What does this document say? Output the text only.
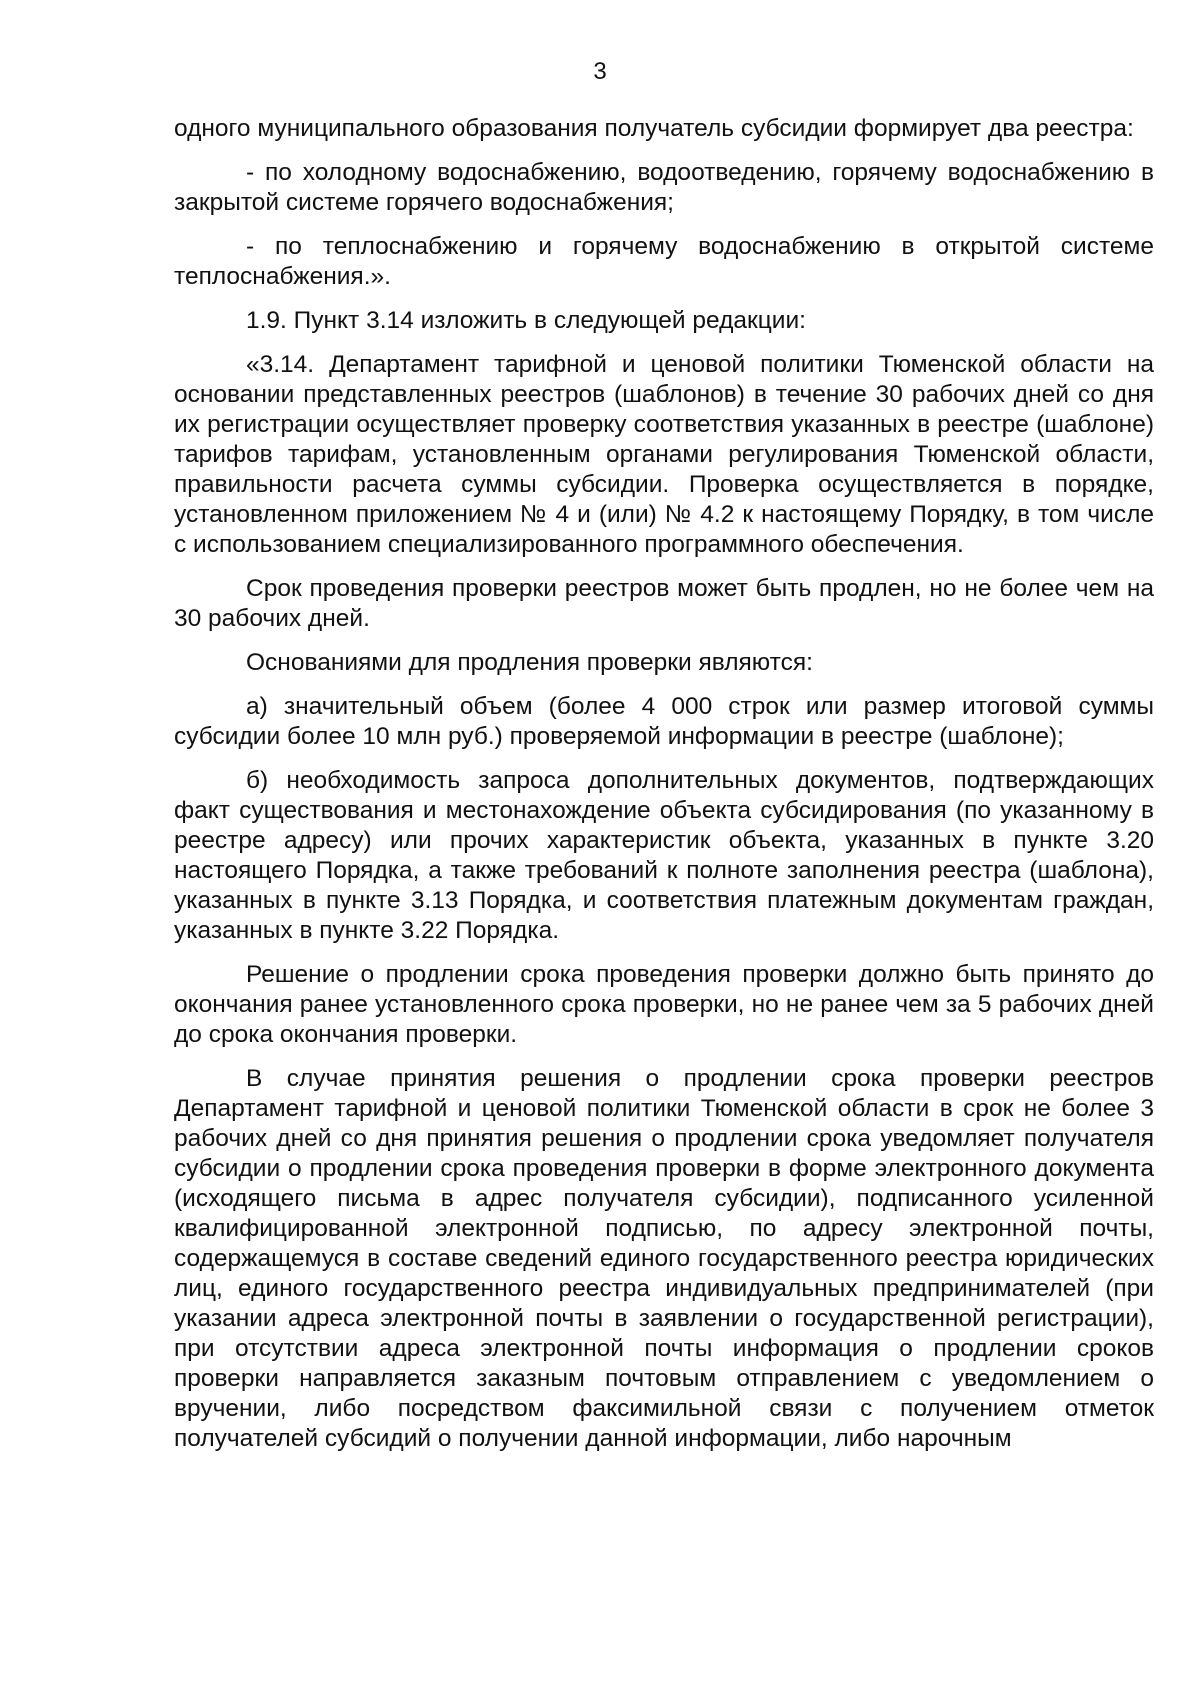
3

одного муниципального образования получатель субсидии формирует два реестра:

- по холодному водоснабжению, водоотведению, горячему водоснабжению в закрытой системе горячего водоснабжения;

- по теплоснабжению и горячему водоснабжению в открытой системе теплоснабжения.».

1.9. Пункт 3.14 изложить в следующей редакции:

«3.14. Департамент тарифной и ценовой политики Тюменской области на основании представленных реестров (шаблонов) в течение 30 рабочих дней со дня их регистрации осуществляет проверку соответствия указанных в реестре (шаблоне) тарифов тарифам, установленным органами регулирования Тюменской области, правильности расчета суммы субсидии. Проверка осуществляется в порядке, установленном приложением № 4 и (или) № 4.2 к настоящему Порядку, в том числе с использованием специализированного программного обеспечения.

Срок проведения проверки реестров может быть продлен, но не более чем на 30 рабочих дней.

Основаниями для продления проверки являются:

а) значительный объем (более 4 000 строк или размер итоговой суммы субсидии более 10 млн руб.) проверяемой информации в реестре (шаблоне);

б) необходимость запроса дополнительных документов, подтверждающих факт существования и местонахождение объекта субсидирования (по указанному в реестре адресу) или прочих характеристик объекта, указанных в пункте 3.20 настоящего Порядка, а также требований к полноте заполнения реестра (шаблона), указанных в пункте 3.13 Порядка, и соответствия платежным документам граждан, указанных в пункте 3.22 Порядка.

Решение о продлении срока проведения проверки должно быть принято до окончания ранее установленного срока проверки, но не ранее чем за 5 рабочих дней до срока окончания проверки.

В случае принятия решения о продлении срока проверки реестров Департамент тарифной и ценовой политики Тюменской области в срок не более 3 рабочих дней со дня принятия решения о продлении срока уведомляет получателя субсидии о продлении срока проведения проверки в форме электронного документа (исходящего письма в адрес получателя субсидии), подписанного усиленной квалифицированной электронной подписью, по адресу электронной почты, содержащемуся в составе сведений единого государственного реестра юридических лиц, единого государственного реестра индивидуальных предпринимателей (при указании адреса электронной почты в заявлении о государственной регистрации), при отсутствии адреса электронной почты информация о продлении сроков проверки направляется заказным почтовым отправлением с уведомлением о вручении, либо посредством факсимильной связи с получением отметок получателей субсидий о получении данной информации, либо нарочным
